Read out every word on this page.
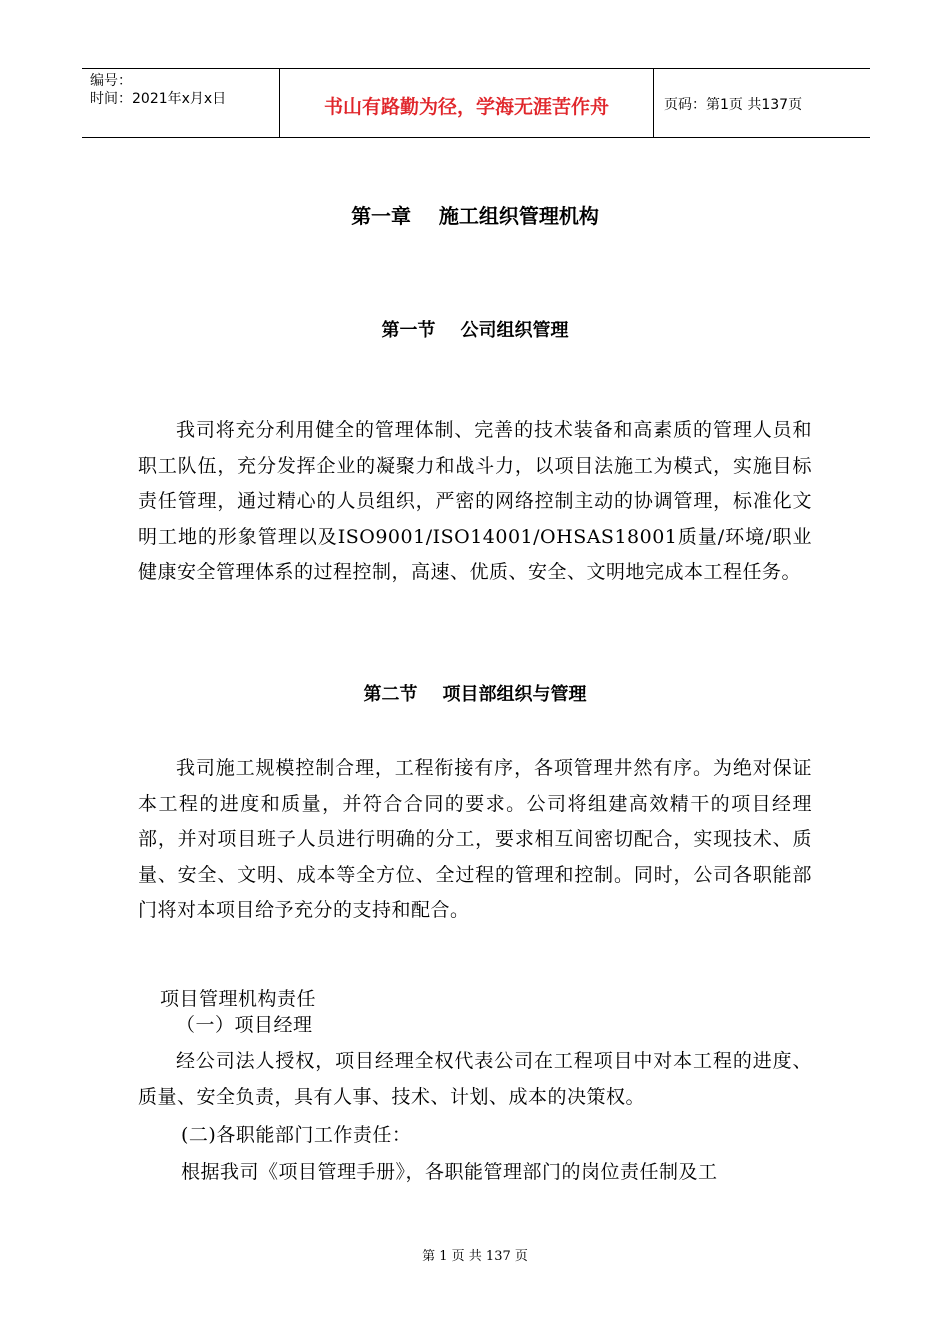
编号：
时间：2021年x月x日	书山有路勤为径，学海无涯苦作舟	页码：第1页 共137页
第一章    施工组织管理机构
第一节    公司组织管理
我司将充分利用健全的管理体制、完善的技术装备和高素质的管理人员和职工队伍，充分发挥企业的凝聚力和战斗力，以项目法施工为模式，实施目标责任管理，通过精心的人员组织，严密的网络控制主动的协调管理，标准化文明工地的形象管理以及ISO9001/ISO14001/OHSAS18001质量/环境/职业健康安全管理体系的过程控制，高速、优质、安全、文明地完成本工程任务。
第二节    项目部组织与管理
我司施工规模控制合理，工程衔接有序，各项管理井然有序。为绝对保证本工程的进度和质量，并符合合同的要求。公司将组建高效精干的项目经理部，并对项目班子人员进行明确的分工，要求相互间密切配合，实现技术、质量、安全、文明、成本等全方位、全过程的管理和控制。同时，公司各职能部门将对本项目给予充分的支持和配合。
项目管理机构责任
（一）项目经理
经公司法人授权，项目经理全权代表公司在工程项目中对本工程的进度、质量、安全负责，具有人事、技术、计划、成本的决策权。
(二)各职能部门工作责任：
根据我司《项目管理手册》，各职能管理部门的岗位责任制及工
第 1 页 共 137 页
